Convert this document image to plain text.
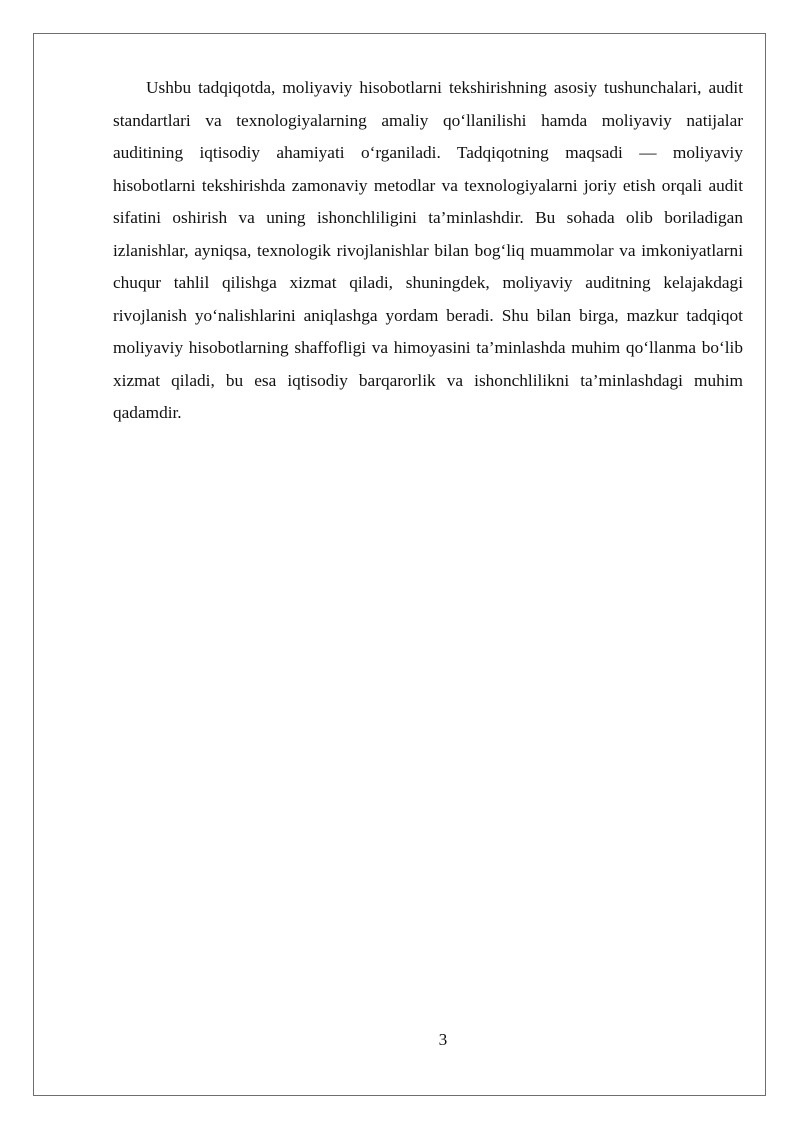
Ushbu tadqiqotda, moliyaviy hisobotlarni tekshirishning asosiy tushunchalari, audit standartlari va texnologiyalarning amaliy qo‘llanilishi hamda moliyaviy natijalar auditining iqtisodiy ahamiyati o‘rganiladi. Tadqiqotning maqsadi — moliyaviy hisobotlarni tekshirishda zamonaviy metodlar va texnologiyalarni joriy etish orqali audit sifatini oshirish va uning ishonchliligini ta’minlashdir. Bu sohada olib boriladigan izlanishlar, ayniqsa, texnologik rivojlanishlar bilan bog‘liq muammolar va imkoniyatlarni chuqur tahlil qilishga xizmat qiladi, shuningdek, moliyaviy auditning kelajakdagi rivojlanish yo‘nalishlarini aniqlashga yordam beradi. Shu bilan birga, mazkur tadqiqot moliyaviy hisobotlarning shaffofligi va himoyasini ta’minlashda muhim qo‘llanma bo‘lib xizmat qiladi, bu esa iqtisodiy barqarorlik va ishonchlilikni ta’minlashdagi muhim qadamdir.

3
